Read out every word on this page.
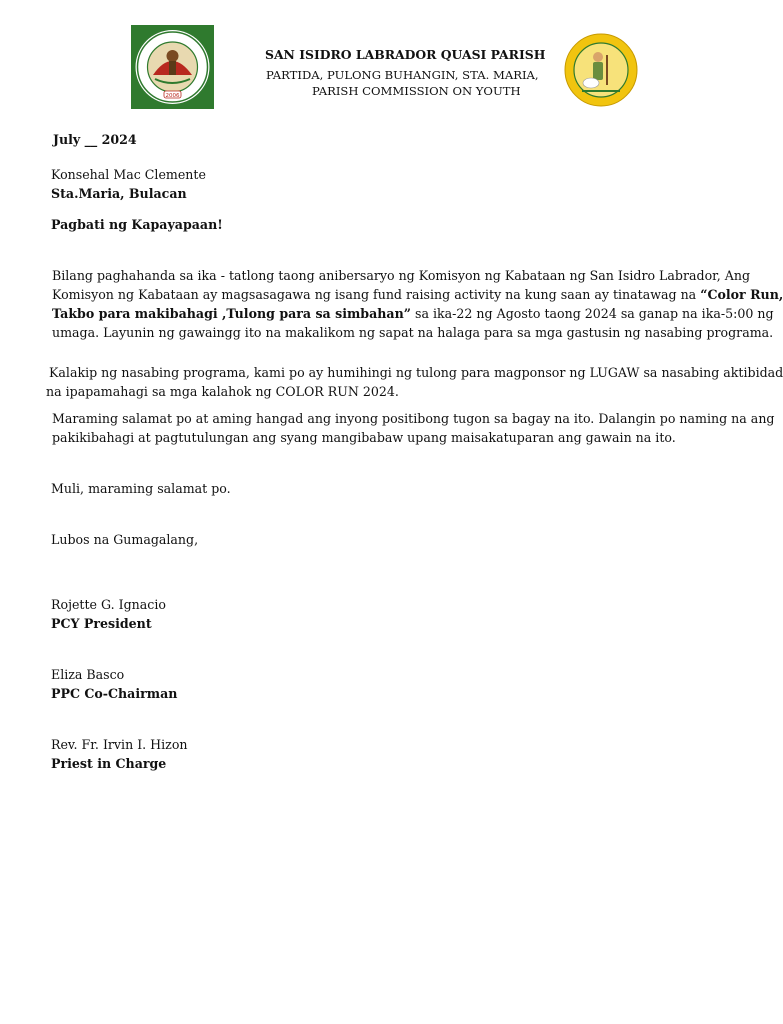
2006
SAN ISIDRO LABRADOR QUASI PARISH
PARTIDA, PULONG BUHANGIN, STA. MARIA,
PARISH COMMISSION ON YOUTH
July __ 2024
Konsehal Mac Clemente
Sta.Maria, Bulacan
Pagbati ng Kapayapaan!
Bilang paghahanda sa ika - tatlong taong anibersaryo ng Komisyon ng Kabataan ng San Isidro Labrador, Ang
Komisyon ng Kabataan ay magsasagawa ng isang fund raising activity na kung saan ay tinatawag na “Color Run,
Takbo para makibahagi ,Tulong para sa simbahan” sa ika-22 ng Agosto taong 2024 sa ganap na ika-5:00 ng
umaga. Layunin ng gawaingg ito na makalikom ng sapat na halaga para sa mga gastusin ng nasabing programa.
Kalakip ng nasabing programa, kami po ay humihingi ng tulong para magponsor ng LUGAW sa nasabing aktibidad
na ipapamahagi sa mga kalahok ng COLOR RUN 2024.
Maraming salamat po at aming hangad ang inyong positibong tugon sa bagay na ito. Dalangin po naming na ang
pakikibahagi at pagtutulungan ang syang mangibabaw upang maisakatuparan ang gawain na ito.
Muli, maraming salamat po.
Lubos na Gumagalang,
Rojette G. Ignacio
PCY President
Eliza Basco
PPC Co-Chairman
Rev. Fr. Irvin I. Hizon
Priest in Charge
